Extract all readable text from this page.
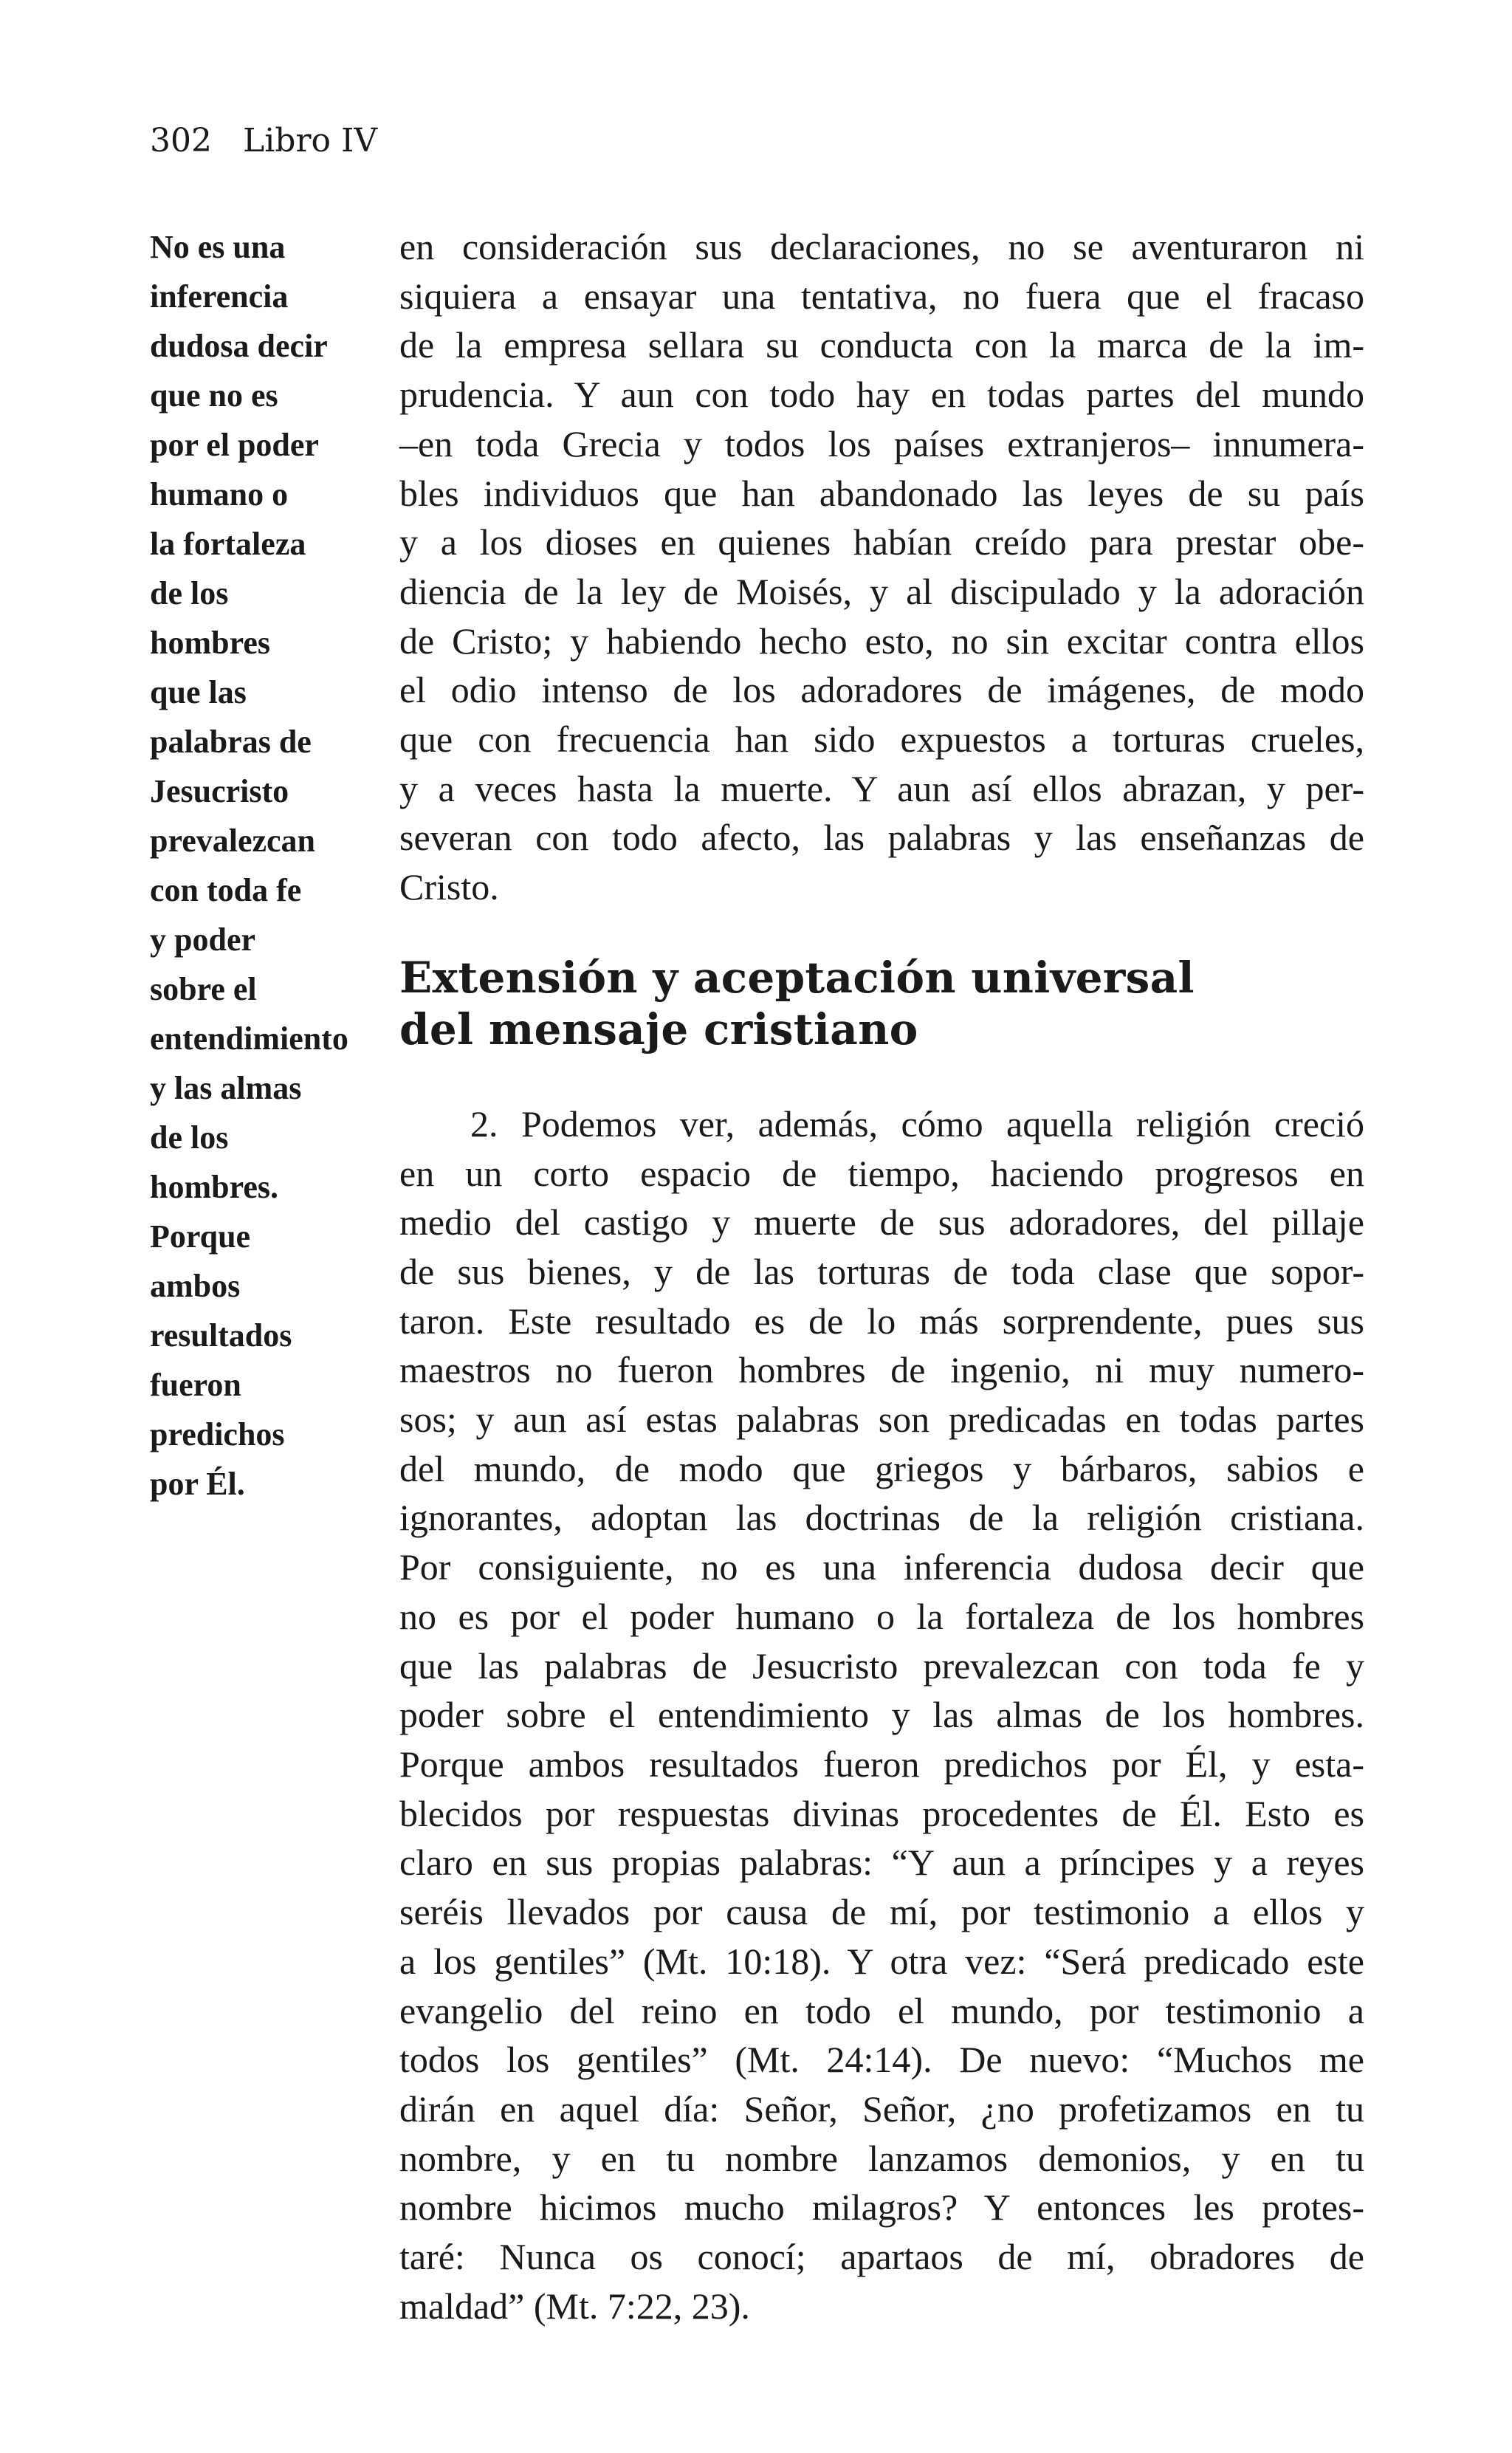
302 Libro IV
No es una
inferencia
dudosa decir
que no es
por el poder
humano o
la fortaleza
de los
hombres
que las
palabras de
Jesucristo
prevalezcan
con toda fe
y poder
sobre el
entendimiento
y las almas
de los
hombres.
Porque
ambos
resultados
fueron
predichos
por Él.
en consideración sus declaraciones, no se aventuraron ni
siquiera a ensayar una tentativa, no fuera que el fracaso
de la empresa sellara su conducta con la marca de la im-
prudencia. Y aun con todo hay en todas partes del mundo
–en toda Grecia y todos los países extranjeros– innumera-
bles individuos que han abandonado las leyes de su país
y a los dioses en quienes habían creído para prestar obe-
diencia de la ley de Moisés, y al discipulado y la adoración
de Cristo; y habiendo hecho esto, no sin excitar contra ellos
el odio intenso de los adoradores de imágenes, de modo
que con frecuencia han sido expuestos a torturas crueles,
y a veces hasta la muerte. Y aun así ellos abrazan, y per-
severan con todo afecto, las palabras y las enseñanzas de
Cristo.
Extensión y aceptación universal
del mensaje cristiano
2. Podemos ver, además, cómo aquella religión creció
en un corto espacio de tiempo, haciendo progresos en
medio del castigo y muerte de sus adoradores, del pillaje
de sus bienes, y de las torturas de toda clase que sopor-
taron. Este resultado es de lo más sorprendente, pues sus
maestros no fueron hombres de ingenio, ni muy numero-
sos; y aun así estas palabras son predicadas en todas partes
del mundo, de modo que griegos y bárbaros, sabios e
ignorantes, adoptan las doctrinas de la religión cristiana.
Por consiguiente, no es una inferencia dudosa decir que
no es por el poder humano o la fortaleza de los hombres
que las palabras de Jesucristo prevalezcan con toda fe y
poder sobre el entendimiento y las almas de los hombres.
Porque ambos resultados fueron predichos por Él, y esta-
blecidos por respuestas divinas procedentes de Él. Esto es
claro en sus propias palabras: “Y aun a príncipes y a reyes
seréis llevados por causa de mí, por testimonio a ellos y
a los gentiles” (Mt. 10:18). Y otra vez: “Será predicado este
evangelio del reino en todo el mundo, por testimonio a
todos los gentiles” (Mt. 24:14). De nuevo: “Muchos me
dirán en aquel día: Señor, Señor, ¿no profetizamos en tu
nombre, y en tu nombre lanzamos demonios, y en tu
nombre hicimos mucho milagros? Y entonces les protes-
taré: Nunca os conocí; apartaos de mí, obradores de
maldad” (Mt. 7:22, 23).
